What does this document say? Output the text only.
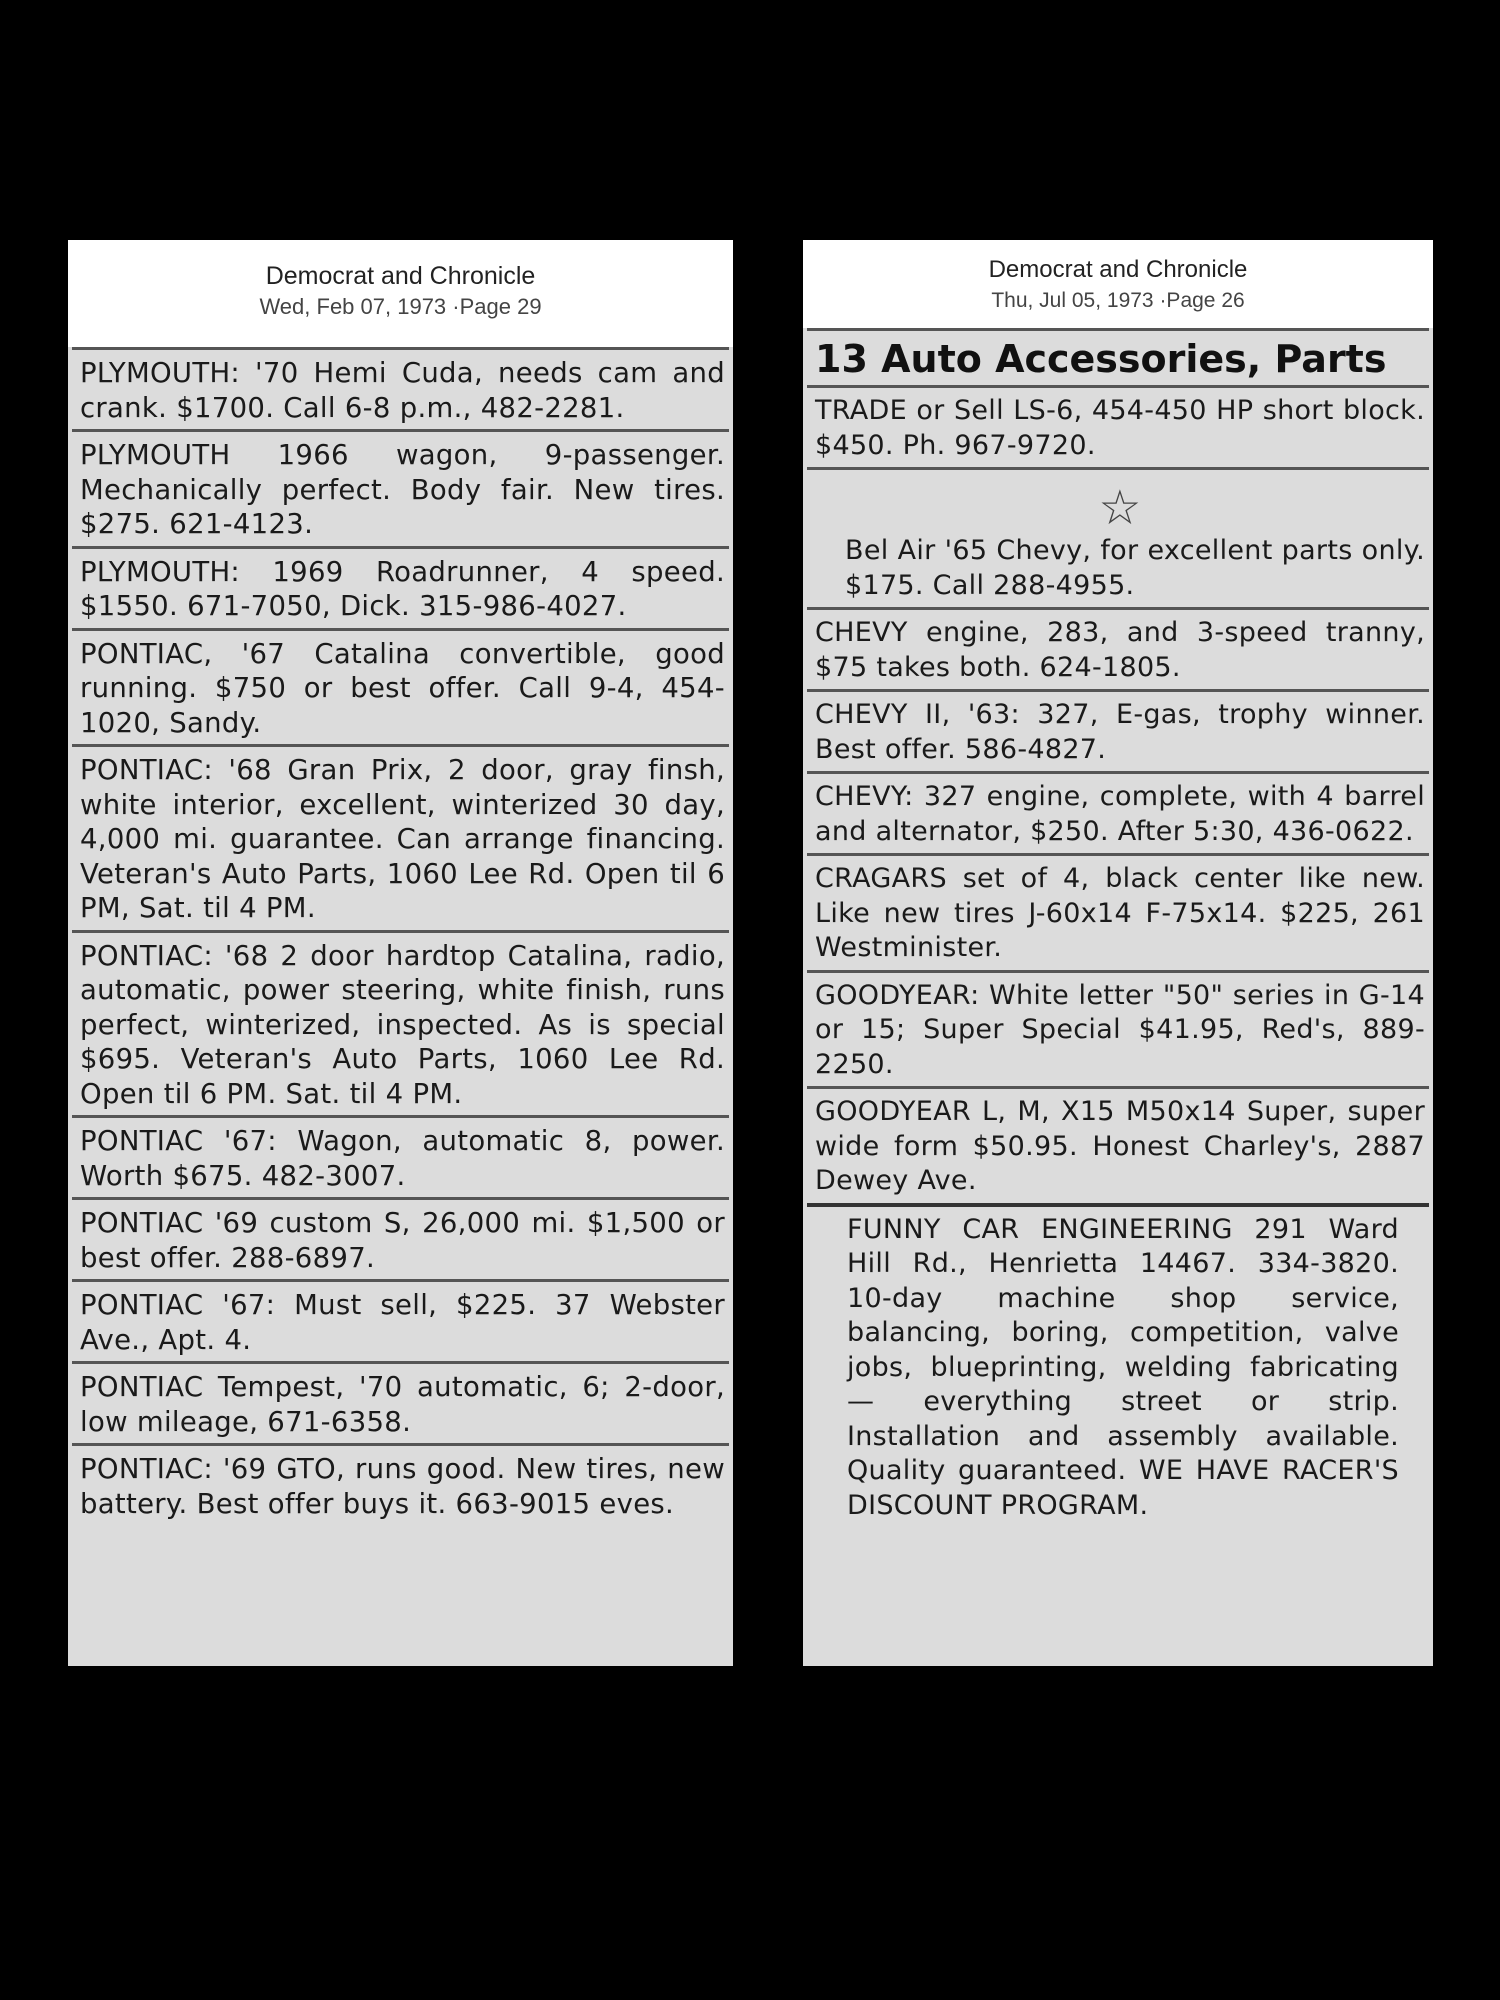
Democrat and Chronicle
Wed, Feb 07, 1973 ·Page 29
PLYMOUTH: '70 Hemi Cuda, needs cam and crank. $1700. Call 6-8 p.m., 482-2281.
PLYMOUTH 1966 wagon, 9-passenger. Mechanically perfect. Body fair. New tires. $275. 621-4123.
PLYMOUTH: 1969 Roadrunner, 4 speed. $1550. 671-7050, Dick. 315-986-4027.
PONTIAC, '67 Catalina convertible, good running. $750 or best offer. Call 9-4, 454-1020, Sandy.
PONTIAC: '68 Gran Prix, 2 door, gray finsh, white interior, excellent, winterized 30 day, 4,000 mi. guarantee. Can arrange financing. Veteran's Auto Parts, 1060 Lee Rd. Open til 6 PM, Sat. til 4 PM.
PONTIAC: '68 2 door hardtop Catalina, radio, automatic, power steering, white finish, runs perfect, winterized, inspected. As is special $695. Veteran's Auto Parts, 1060 Lee Rd. Open til 6 PM. Sat. til 4 PM.
PONTIAC '67: Wagon, automatic 8, power. Worth $675. 482-3007.
PONTIAC '69 custom S, 26,000 mi. $1,500 or best offer. 288-6897.
PONTIAC '67: Must sell, $225. 37 Webster Ave., Apt. 4.
PONTIAC Tempest, '70 automatic, 6; 2-door, low mileage, 671-6358.
PONTIAC: '69 GTO, runs good. New tires, new battery. Best offer buys it. 663-9015 eves.
Democrat and Chronicle
Thu, Jul 05, 1973 ·Page 26
13 Auto Accessories, Parts
TRADE or Sell LS-6, 454-450 HP short block. $450. Ph. 967-9720.
☆
Bel Air '65 Chevy, for excellent parts only. $175. Call 288-4955.
CHEVY engine, 283, and 3-speed tranny, $75 takes both. 624-1805.
CHEVY II, '63: 327, E-gas, trophy winner. Best offer. 586-4827.
CHEVY: 327 engine, complete, with 4 barrel and alternator, $250. After 5:30, 436-0622.
CRAGARS set of 4, black center like new. Like new tires J-60x14 F-75x14. $225, 261 Westminister.
GOODYEAR: White letter "50" series in G-14 or 15; Super Special $41.95, Red's, 889-2250.
GOODYEAR L, M, X15 M50x14 Super, super wide form $50.95. Honest Charley's, 2887 Dewey Ave.
FUNNY CAR ENGINEERING 291 Ward Hill Rd., Henrietta 14467. 334-3820. 10-day machine shop service, balancing, boring, competition, valve jobs, blueprinting, welding fabricating — everything street or strip. Installation and assembly available. Quality guaranteed. WE HAVE RACER'S DISCOUNT PROGRAM.
